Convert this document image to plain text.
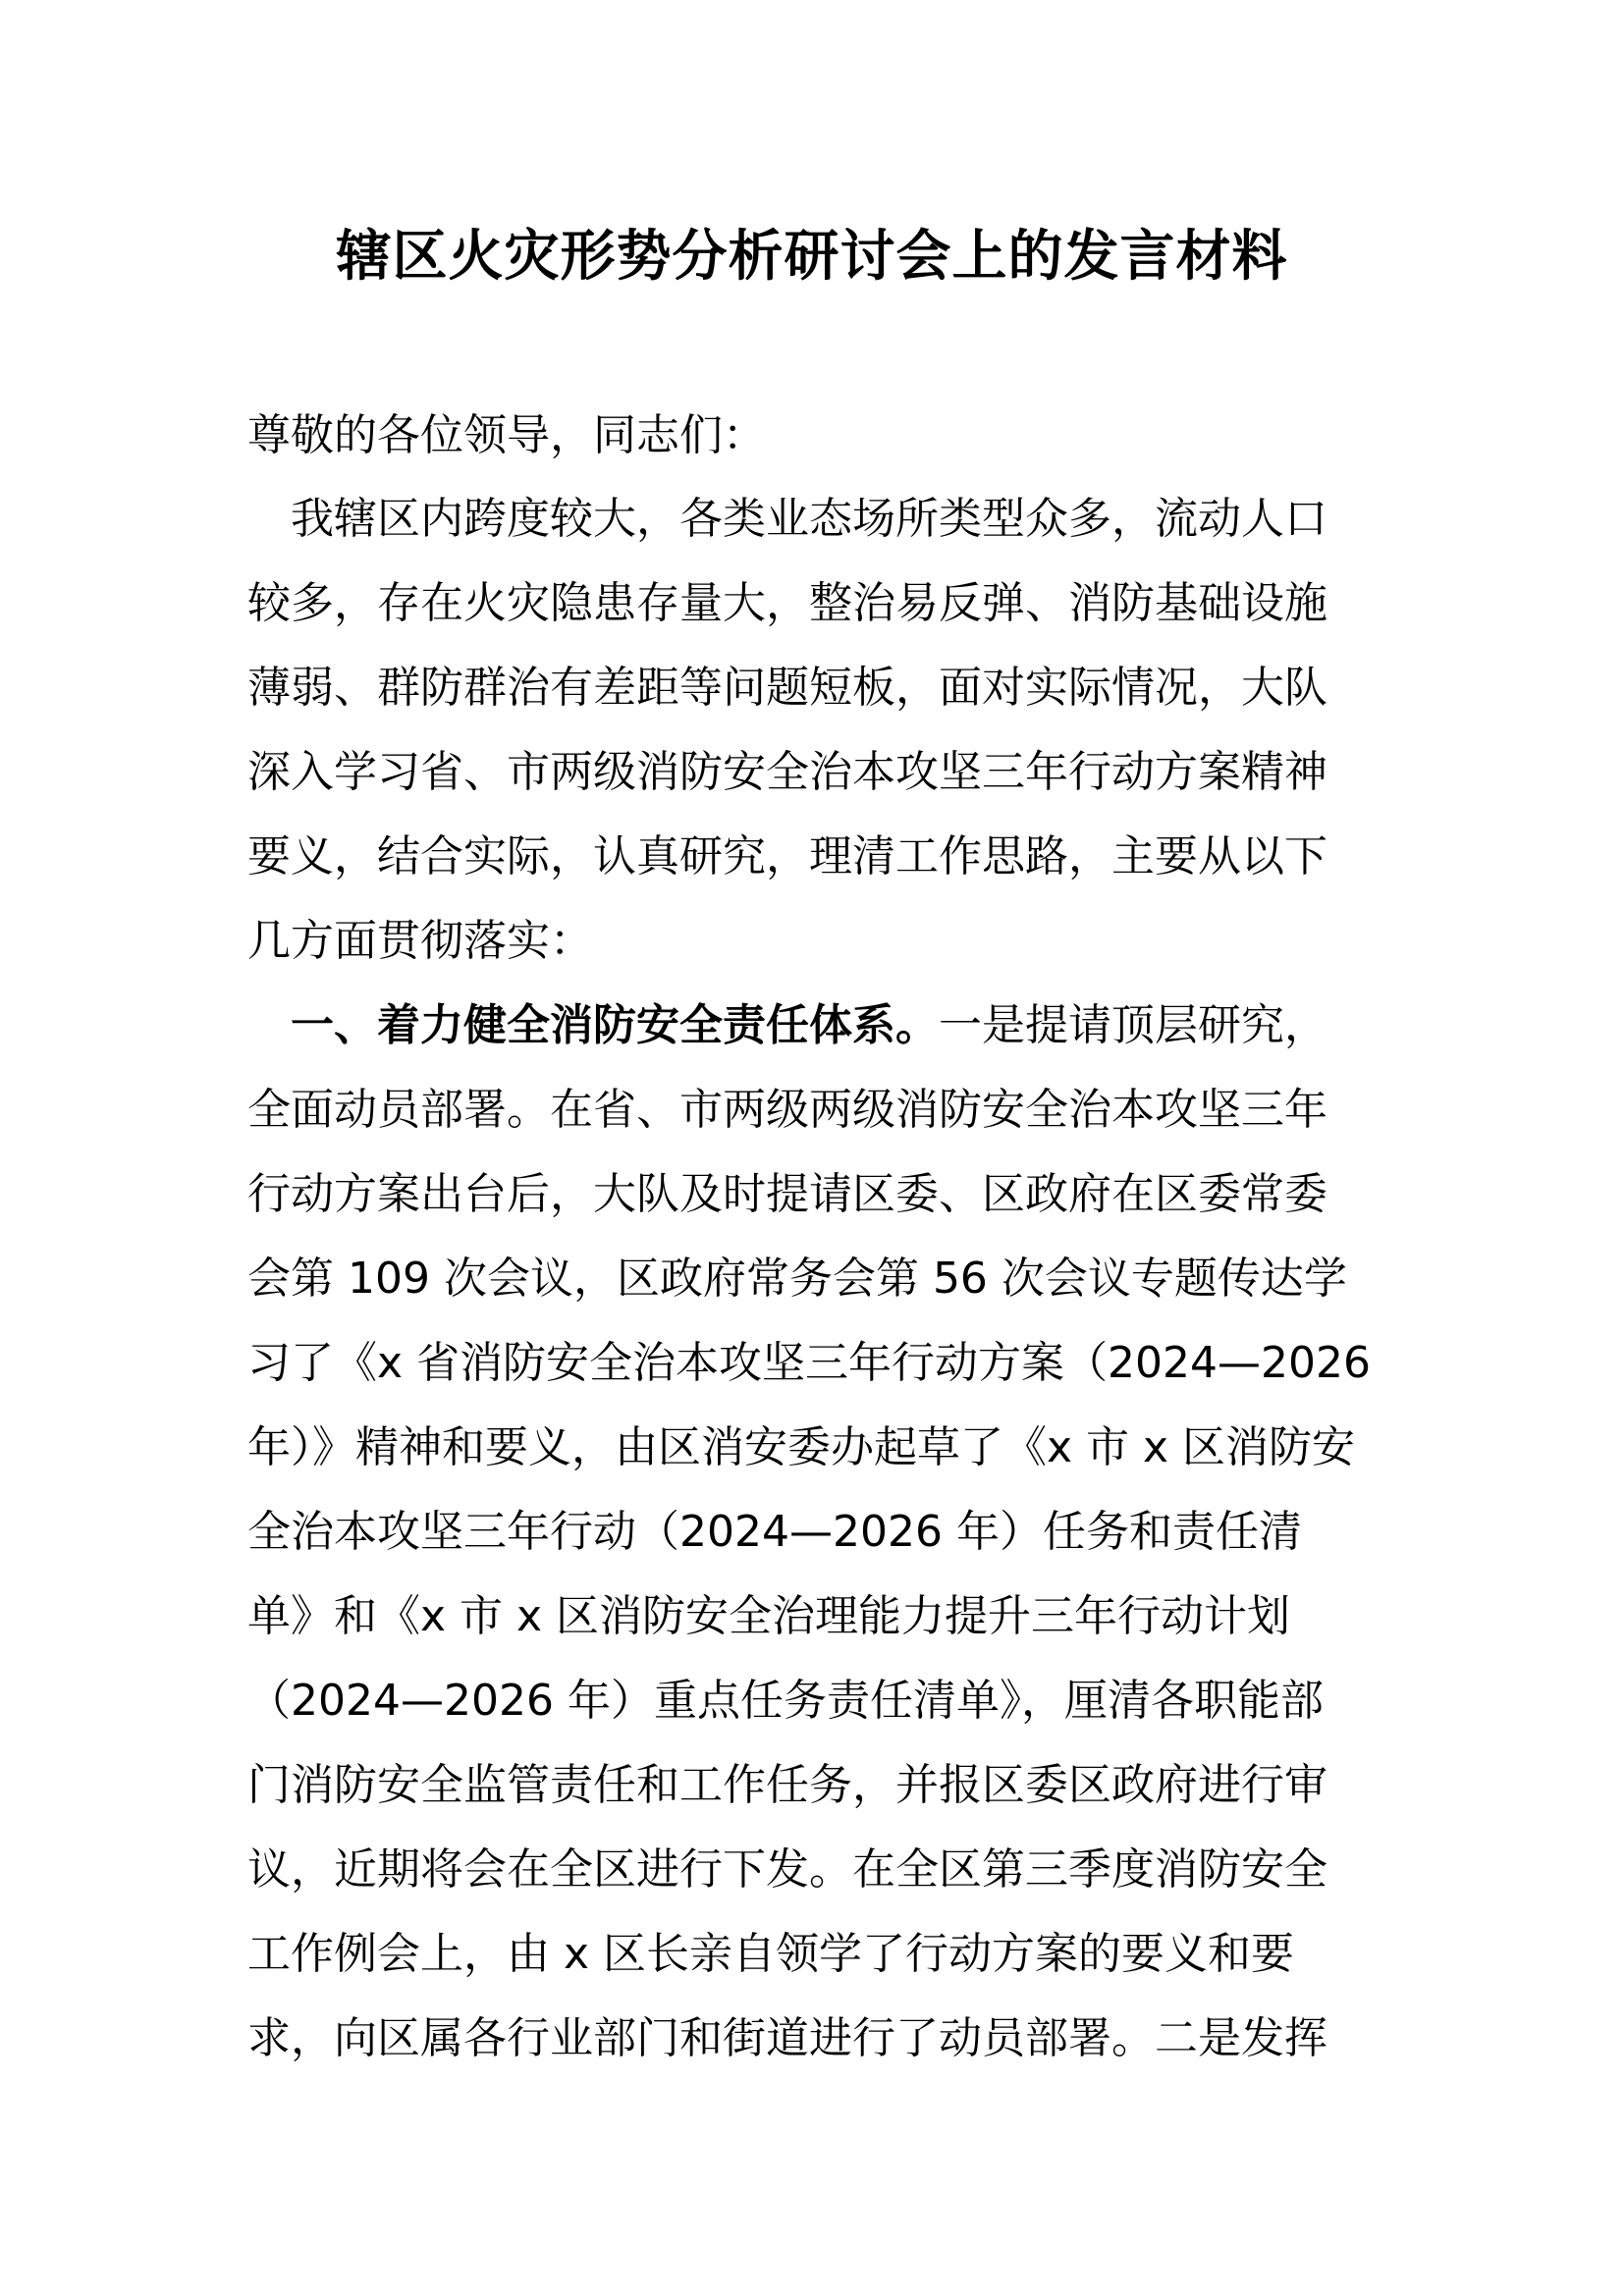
辖区火灾形势分析研讨会上的发言材料
尊敬的各位领导，同志们：
　我辖区内跨度较大，各类业态场所类型众多，流动人口
较多，存在火灾隐患存量大，整治易反弹、消防基础设施
薄弱、群防群治有差距等问题短板，面对实际情况，大队
深入学习省、市两级消防安全治本攻坚三年行动方案精神
要义，结合实际，认真研究，理清工作思路，主要从以下
几方面贯彻落实：
　一、着力健全消防安全责任体系。一是提请顶层研究，
全面动员部署。在省、市两级两级消防安全治本攻坚三年
行动方案出台后，大队及时提请区委、区政府在区委常委
会第 109 次会议，区政府常务会第 56 次会议专题传达学
习了《x 省消防安全治本攻坚三年行动方案（2024—2026
年）》精神和要义，由区消安委办起草了《x 市 x 区消防安
全治本攻坚三年行动（2024—2026 年）任务和责任清
单》和《x 市 x 区消防安全治理能力提升三年行动计划
（2024—2026 年）重点任务责任清单》，厘清各职能部
门消防安全监管责任和工作任务，并报区委区政府进行审
议，近期将会在全区进行下发。在全区第三季度消防安全
工作例会上，由 x 区长亲自领学了行动方案的要义和要
求，向区属各行业部门和街道进行了动员部署。二是发挥
